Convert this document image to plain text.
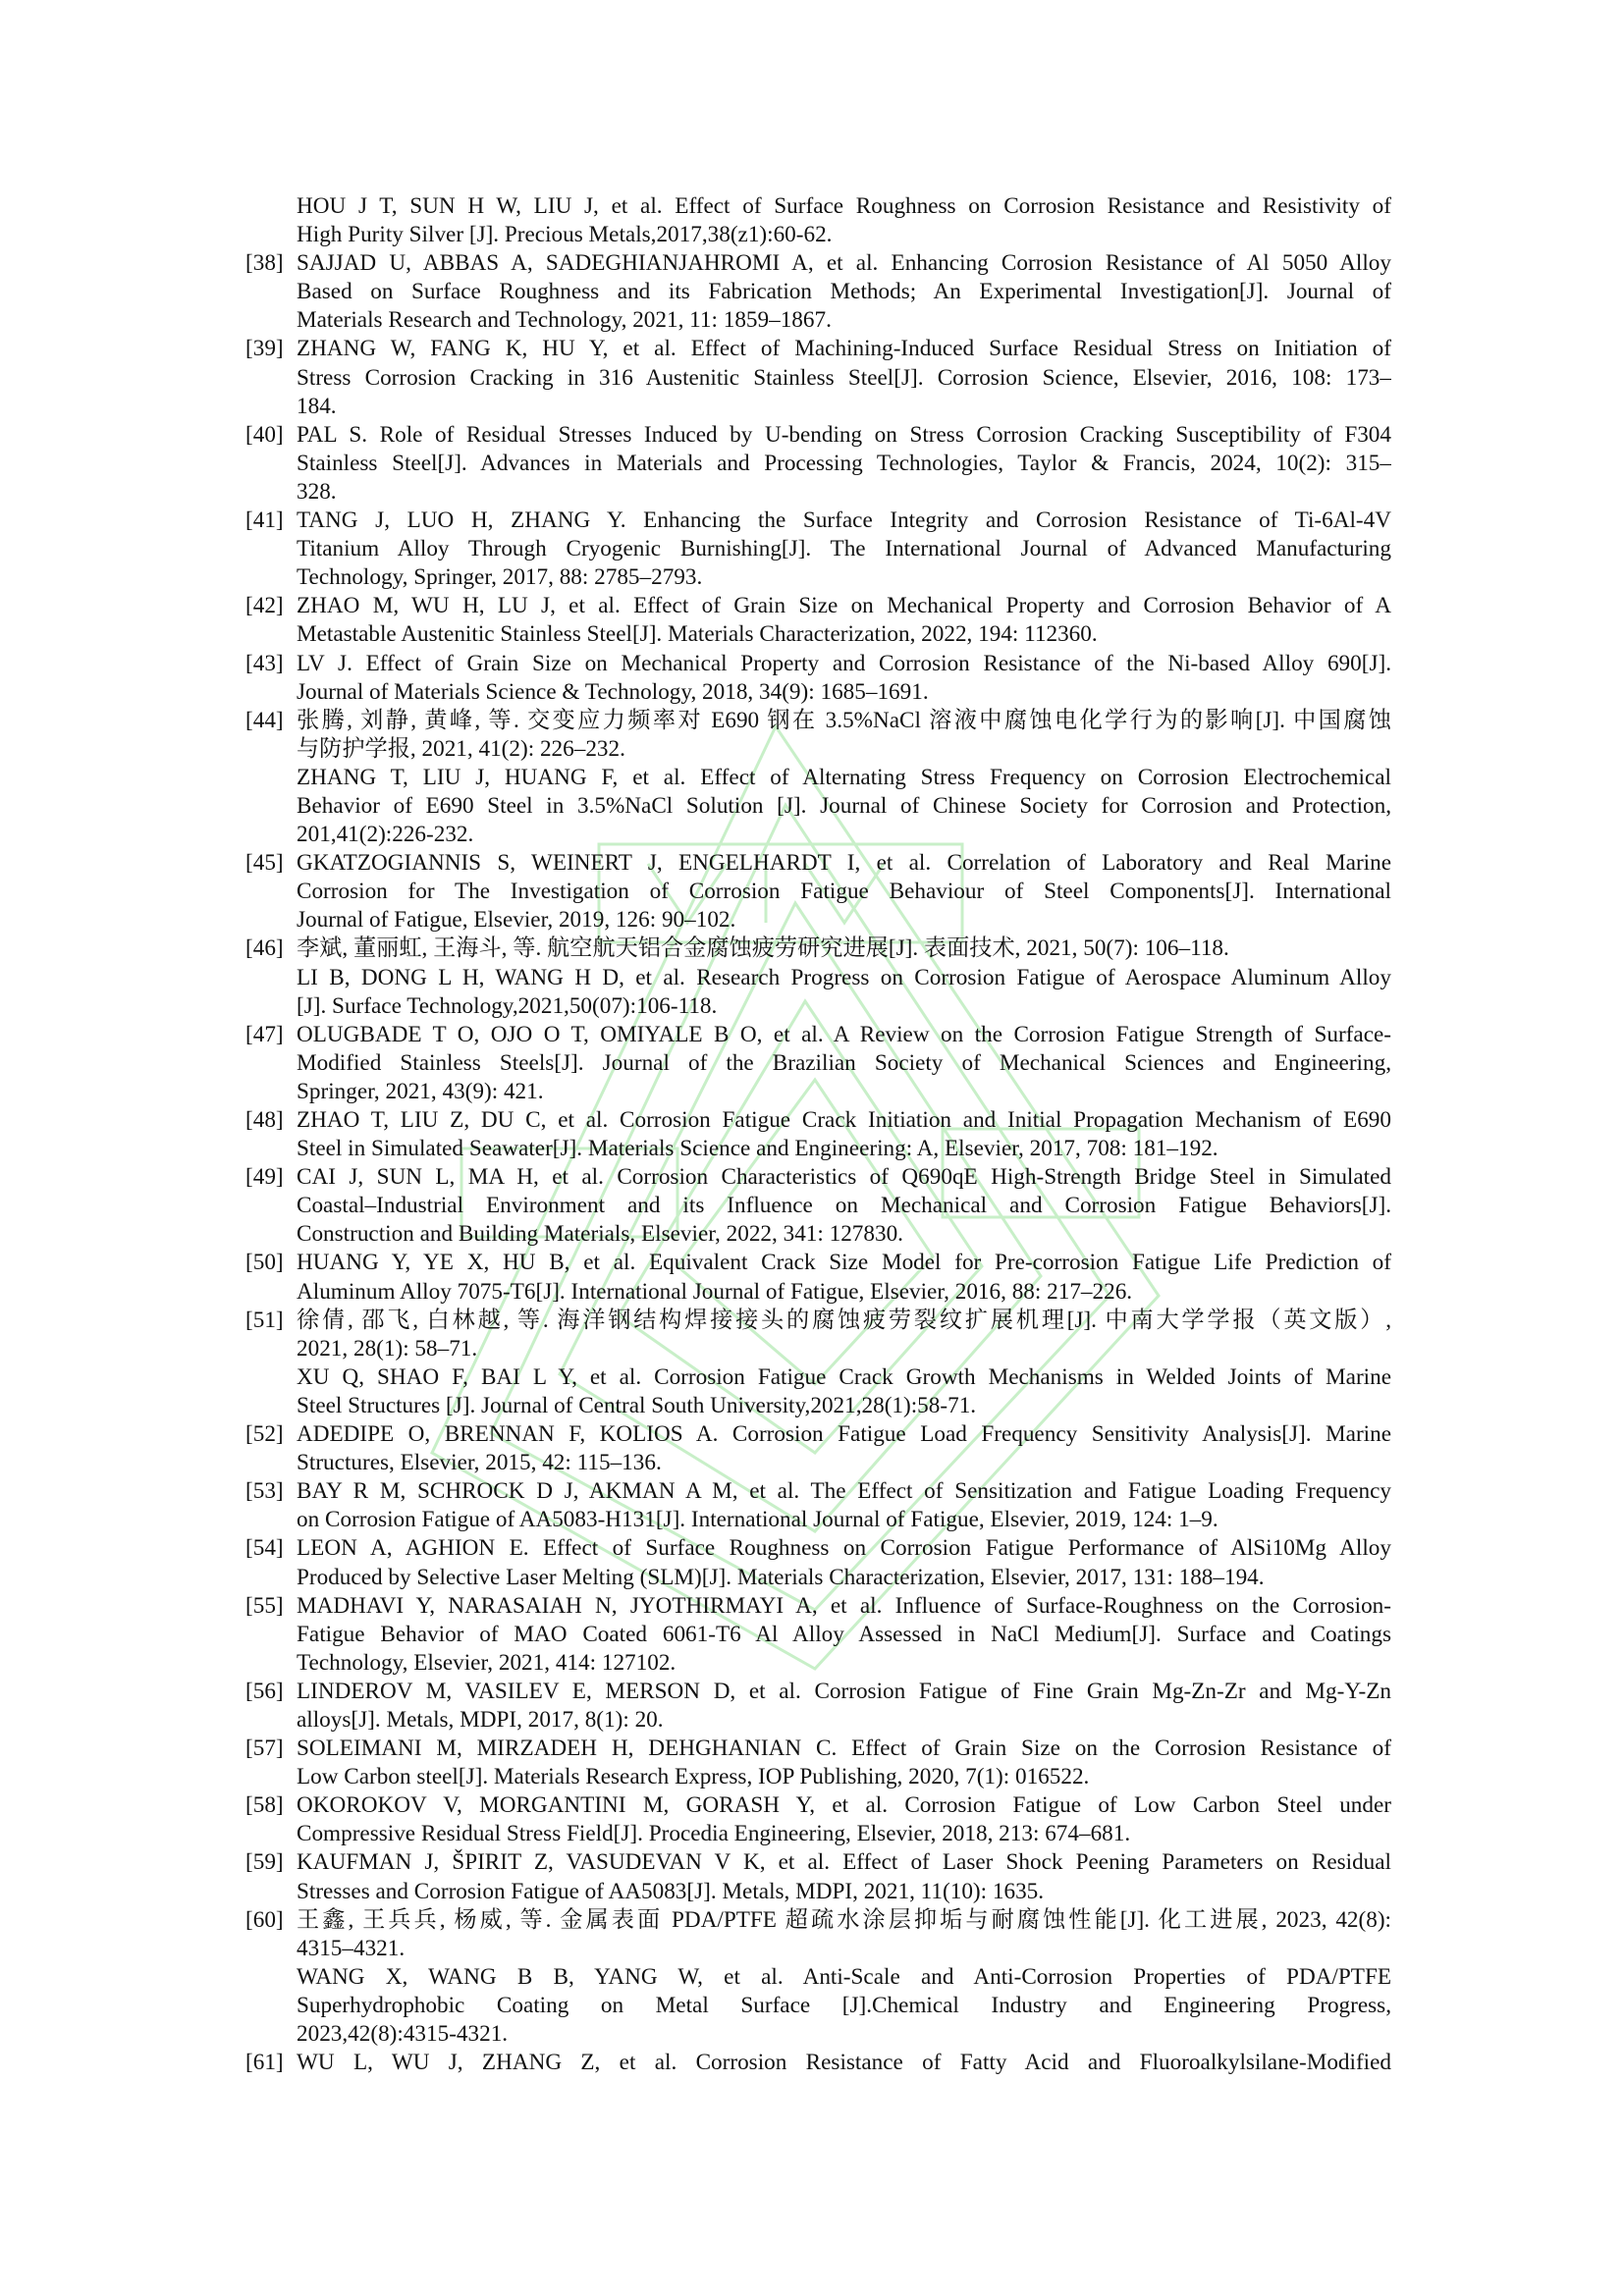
HOU J T, SUN H W, LIU J, et al. Effect of Surface Roughness on Corrosion Resistance and Resistivity of
High Purity Silver [J]. Precious Metals,2017,38(z1):60-62.
[38] SAJJAD U, ABBAS A, SADEGHIANJAHROMI A, et al. Enhancing Corrosion Resistance of Al 5050 Alloy
Based on Surface Roughness and its Fabrication Methods; An Experimental Investigation[J]. Journal of
Materials Research and Technology, 2021, 11: 1859–1867.
[39] ZHANG W, FANG K, HU Y, et al. Effect of Machining-Induced Surface Residual Stress on Initiation of
Stress Corrosion Cracking in 316 Austenitic Stainless Steel[J]. Corrosion Science, Elsevier, 2016, 108: 173–
184.
[40] PAL S. Role of Residual Stresses Induced by U-bending on Stress Corrosion Cracking Susceptibility of F304
Stainless Steel[J]. Advances in Materials and Processing Technologies, Taylor & Francis, 2024, 10(2): 315–
328.
[41] TANG J, LUO H, ZHANG Y. Enhancing the Surface Integrity and Corrosion Resistance of Ti-6Al-4V
Titanium Alloy Through Cryogenic Burnishing[J]. The International Journal of Advanced Manufacturing
Technology, Springer, 2017, 88: 2785–2793.
[42] ZHAO M, WU H, LU J, et al. Effect of Grain Size on Mechanical Property and Corrosion Behavior of A
Metastable Austenitic Stainless Steel[J]. Materials Characterization, 2022, 194: 112360.
[43] LV J. Effect of Grain Size on Mechanical Property and Corrosion Resistance of the Ni-based Alloy 690[J].
Journal of Materials Science & Technology, 2018, 34(9): 1685–1691.
[44] 张腾, 刘静, 黄峰, 等. 交变应力频率对 E690 钢在 3.5%NaCl 溶液中腐蚀电化学行为的影响[J]. 中国腐蚀
与防护学报, 2021, 41(2): 226–232.
ZHANG T, LIU J, HUANG F, et al. Effect of Alternating Stress Frequency on Corrosion Electrochemical
Behavior of E690 Steel in 3.5%NaCl Solution [J]. Journal of Chinese Society for Corrosion and Protection,
201,41(2):226-232.
[45] GKATZOGIANNIS S, WEINERT J, ENGELHARDT I, et al. Correlation of Laboratory and Real Marine
Corrosion for The Investigation of Corrosion Fatigue Behaviour of Steel Components[J]. International
Journal of Fatigue, Elsevier, 2019, 126: 90–102.
[46] 李斌, 董丽虹, 王海斗, 等. 航空航天铝合金腐蚀疲劳研究进展[J]. 表面技术, 2021, 50(7): 106–118.
LI B, DONG L H, WANG H D, et al. Research Progress on Corrosion Fatigue of Aerospace Aluminum Alloy
[J]. Surface Technology,2021,50(07):106-118.
[47] OLUGBADE T O, OJO O T, OMIYALE B O, et al. A Review on the Corrosion Fatigue Strength of Surface-
Modified Stainless Steels[J]. Journal of the Brazilian Society of Mechanical Sciences and Engineering,
Springer, 2021, 43(9): 421.
[48] ZHAO T, LIU Z, DU C, et al. Corrosion Fatigue Crack Initiation and Initial Propagation Mechanism of E690
Steel in Simulated Seawater[J]. Materials Science and Engineering: A, Elsevier, 2017, 708: 181–192.
[49] CAI J, SUN L, MA H, et al. Corrosion Characteristics of Q690qE High-Strength Bridge Steel in Simulated
Coastal–Industrial Environment and its Influence on Mechanical and Corrosion Fatigue Behaviors[J].
Construction and Building Materials, Elsevier, 2022, 341: 127830.
[50] HUANG Y, YE X, HU B, et al. Equivalent Crack Size Model for Pre-corrosion Fatigue Life Prediction of
Aluminum Alloy 7075-T6[J]. International Journal of Fatigue, Elsevier, 2016, 88: 217–226.
[51] 徐倩, 邵飞, 白林越, 等. 海洋钢结构焊接接头的腐蚀疲劳裂纹扩展机理[J]. 中南大学学报（英文版）,
2021, 28(1): 58–71.
XU Q, SHAO F, BAI L Y, et al. Corrosion Fatigue Crack Growth Mechanisms in Welded Joints of Marine
Steel Structures [J]. Journal of Central South University,2021,28(1):58-71.
[52] ADEDIPE O, BRENNAN F, KOLIOS A. Corrosion Fatigue Load Frequency Sensitivity Analysis[J]. Marine
Structures, Elsevier, 2015, 42: 115–136.
[53] BAY R M, SCHROCK D J, AKMAN A M, et al. The Effect of Sensitization and Fatigue Loading Frequency
on Corrosion Fatigue of AA5083-H131[J]. International Journal of Fatigue, Elsevier, 2019, 124: 1–9.
[54] LEON A, AGHION E. Effect of Surface Roughness on Corrosion Fatigue Performance of AlSi10Mg Alloy
Produced by Selective Laser Melting (SLM)[J]. Materials Characterization, Elsevier, 2017, 131: 188–194.
[55] MADHAVI Y, NARASAIAH N, JYOTHIRMAYI A, et al. Influence of Surface-Roughness on the Corrosion-
Fatigue Behavior of MAO Coated 6061-T6 Al Alloy Assessed in NaCl Medium[J]. Surface and Coatings
Technology, Elsevier, 2021, 414: 127102.
[56] LINDEROV M, VASILEV E, MERSON D, et al. Corrosion Fatigue of Fine Grain Mg-Zn-Zr and Mg-Y-Zn
alloys[J]. Metals, MDPI, 2017, 8(1): 20.
[57] SOLEIMANI M, MIRZADEH H, DEHGHANIAN C. Effect of Grain Size on the Corrosion Resistance of
Low Carbon steel[J]. Materials Research Express, IOP Publishing, 2020, 7(1): 016522.
[58] OKOROKOV V, MORGANTINI M, GORASH Y, et al. Corrosion Fatigue of Low Carbon Steel under
Compressive Residual Stress Field[J]. Procedia Engineering, Elsevier, 2018, 213: 674–681.
[59] KAUFMAN J, ŠPIRIT Z, VASUDEVAN V K, et al. Effect of Laser Shock Peening Parameters on Residual
Stresses and Corrosion Fatigue of AA5083[J]. Metals, MDPI, 2021, 11(10): 1635.
[60] 王鑫, 王兵兵, 杨威, 等. 金属表面 PDA/PTFE 超疏水涂层抑垢与耐腐蚀性能[J]. 化工进展, 2023, 42(8):
4315–4321.
WANG X, WANG B B, YANG W, et al. Anti-Scale and Anti-Corrosion Properties of PDA/PTFE
Superhydrophobic Coating on Metal Surface [J].Chemical Industry and Engineering Progress,
2023,42(8):4315-4321.
[61] WU L, WU J, ZHANG Z, et al. Corrosion Resistance of Fatty Acid and Fluoroalkylsilane-Modified
